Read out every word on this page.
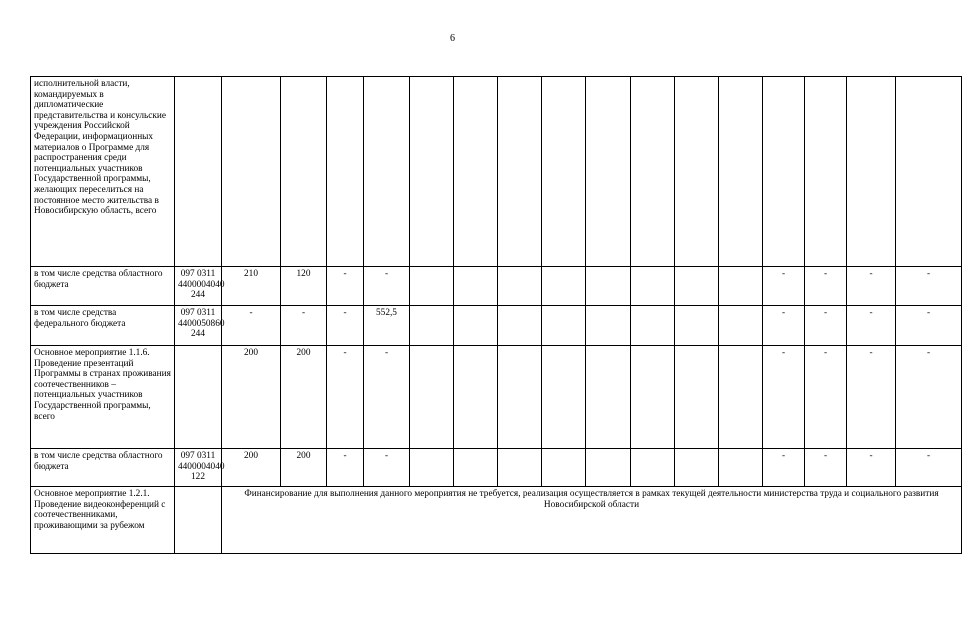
6
исполнительной власти, командируемых в дипломатические представительства и консульские учреждения Российской Федерации, информационных материалов о Программе для распространения среди потенциальных участников Государственной программы, желающих переселиться на постоянное место жительства в Новосибирскую область, всего																	
в том числе средства областного бюджета	097 0311 4400004040 244	210	120	-	-									-	-	-	-
в том числе средства федерального бюджета	097 0311 4400050860 244	-	-	-	552,5									-	-	-	-
Основное мероприятие 1.1.6. Проведение презентаций Программы в странах проживания соотечественников – потенциальных участников Государственной программы, всего		200	200	-	-									-	-	-	-
в том числе средства областного бюджета	097 0311 4400004040 122	200	200	-	-									-	-	-	-
Основное мероприятие 1.2.1. Проведение видеоконференций с соотечественниками, проживающими за рубежом		Финансирование для выполнения данного мероприятия не требуется, реализация осуществляется в рамках текущей деятельности министерства труда и социального развития Новосибирской области															
